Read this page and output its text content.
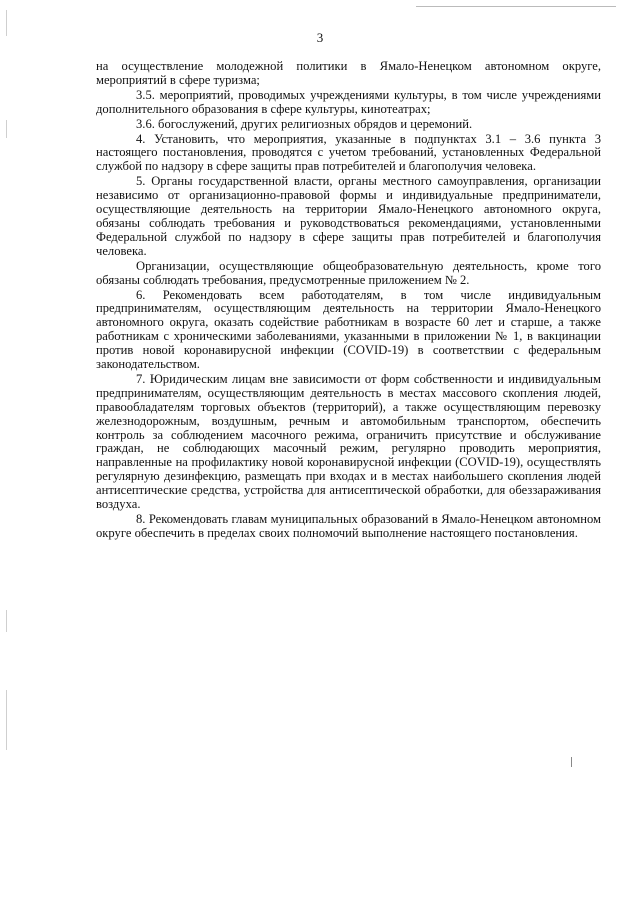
3

на осуществление молодежной политики в Ямало-Ненецком автономном округе, мероприятий в сфере туризма;

3.5. мероприятий, проводимых учреждениями культуры, в том числе учреждениями дополнительного образования в сфере культуры, кинотеатрах;

3.6. богослужений, других религиозных обрядов и церемоний.

4. Установить, что мероприятия, указанные в подпунктах 3.1 – 3.6 пункта 3 настоящего постановления, проводятся с учетом требований, установленных Федеральной службой по надзору в сфере защиты прав потребителей и благополучия человека.

5. Органы государственной власти, органы местного самоуправления, организации независимо от организационно-правовой формы и индивидуальные предприниматели, осуществляющие деятельность на территории Ямало-Ненецкого автономного округа, обязаны соблюдать требования и руководствоваться рекомендациями, установленными Федеральной службой по надзору в сфере защиты прав потребителей и благополучия человека.

Организации, осуществляющие общеобразовательную деятельность, кроме того обязаны соблюдать требования, предусмотренные приложением № 2.

6. Рекомендовать всем работодателям, в том числе индивидуальным предпринимателям, осуществляющим деятельность на территории Ямало-Ненецкого автономного округа, оказать содействие работникам в возрасте 60 лет и старше, а также работникам с хроническими заболеваниями, указанными в приложении № 1, в вакцинации против новой коронавирусной инфекции (COVID-19) в соответствии с федеральным законодательством.

7. Юридическим лицам вне зависимости от форм собственности и индивидуальным предпринимателям, осуществляющим деятельность в местах массового скопления людей, правообладателям торговых объектов (территорий), а также осуществляющим перевозку железнодорожным, воздушным, речным и автомобильным транспортом, обеспечить контроль за соблюдением масочного режима, ограничить присутствие и обслуживание граждан, не соблюдающих масочный режим, регулярно проводить мероприятия, направленные на профилактику новой коронавирусной инфекции (COVID-19), осуществлять регулярную дезинфекцию, размещать при входах и в местах наибольшего скопления людей антисептические средства, устройства для антисептической обработки, для обеззараживания воздуха.

8. Рекомендовать главам муниципальных образований в Ямало-Ненецком автономном округе обеспечить в пределах своих полномочий выполнение настоящего постановления.
